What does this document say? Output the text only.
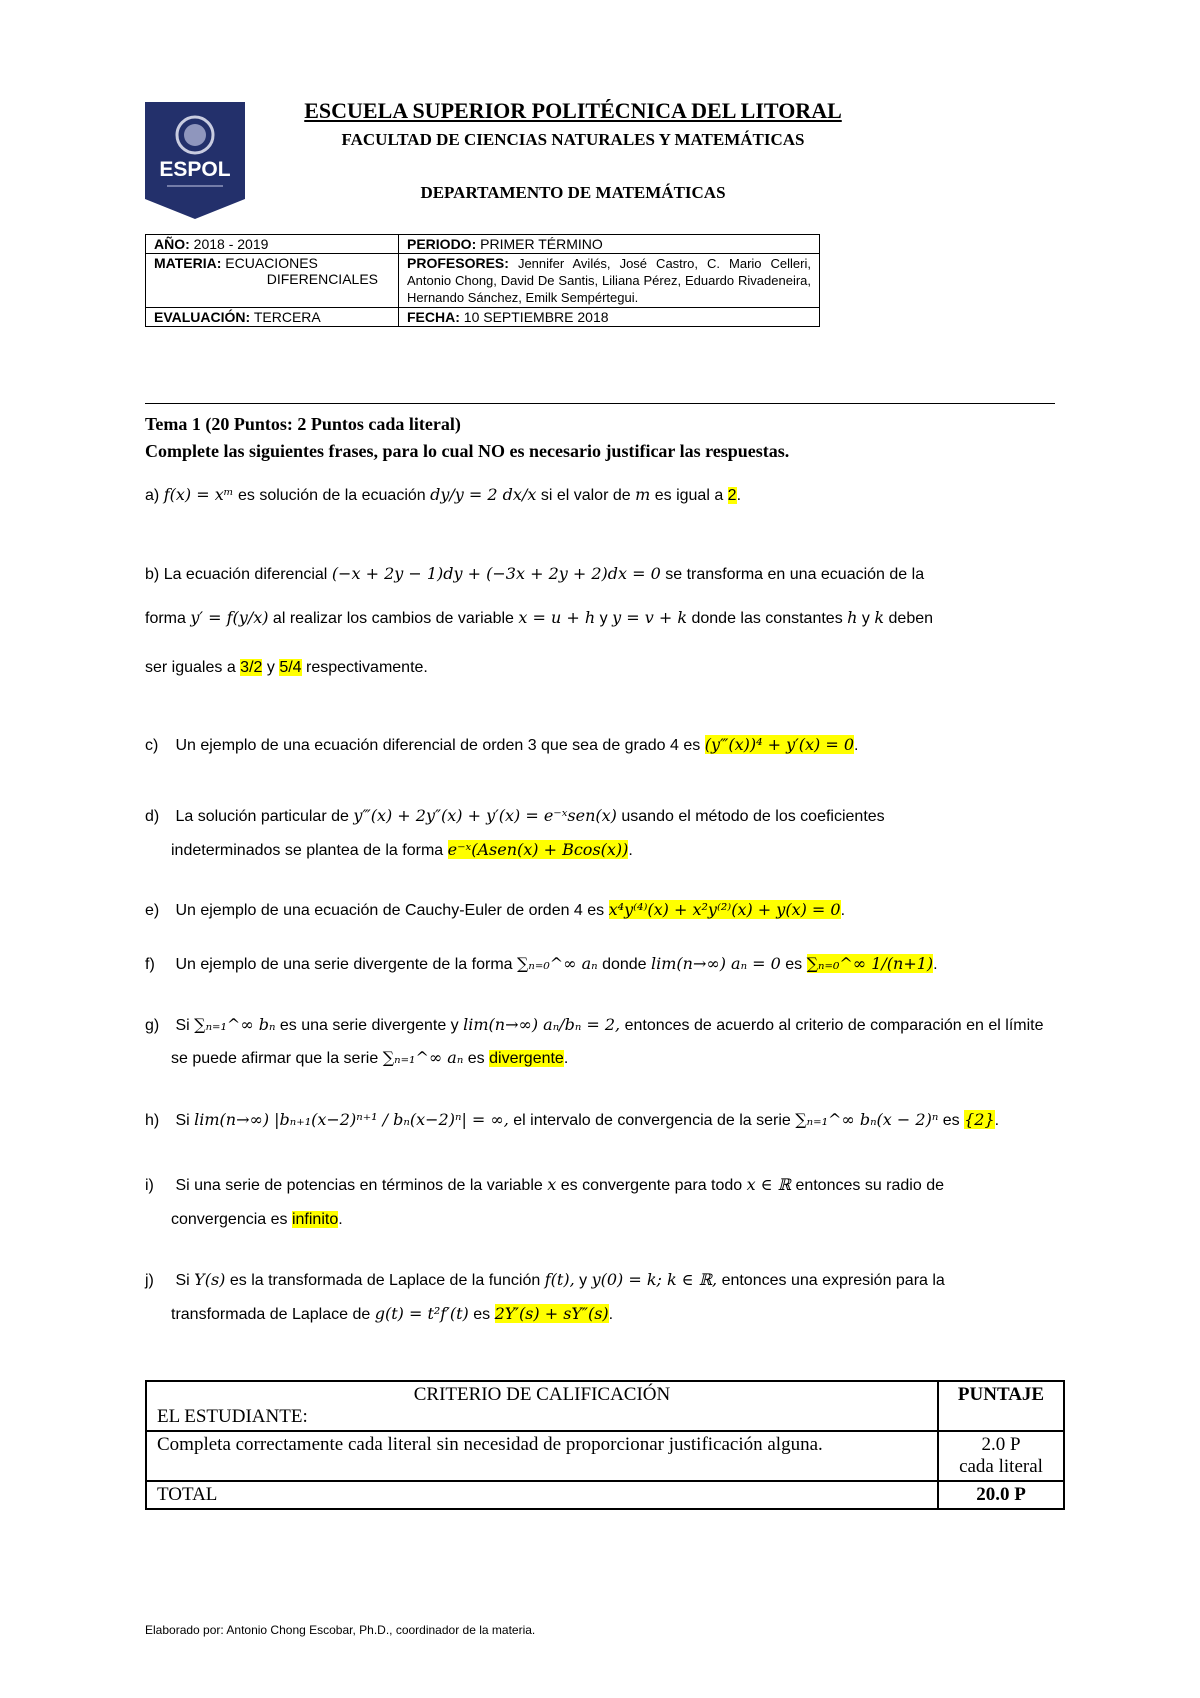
ESPOL
ESCUELA SUPERIOR POLITÉCNICA DEL LITORAL
FACULTAD DE CIENCIAS NATURALES Y MATEMÁTICAS
DEPARTAMENTO DE MATEMÁTICAS
AÑO: 2018 - 2019	PERIODO: PRIMER TÉRMINO
MATERIA: ECUACIONES

DIFERENCIALES	PROFESORES: Jennifer Avilés, José Castro, C. Mario Celleri, Antonio Chong, David De Santis, Liliana Pérez, Eduardo Rivadeneira, Hernando Sánchez, Emilk Sempértegui.
EVALUACIÓN: TERCERA	FECHA: 10 SEPTIEMBRE 2018
Tema 1 (20 Puntos: 2 Puntos cada literal)
Complete las siguientes frases, para lo cual NO es necesario justificar las respuestas.
a) f(x) = xᵐ es solución de la ecuación dy/y = 2 dx/x si el valor de m es igual a 2.
b) La ecuación diferencial (−x + 2y − 1)dy + (−3x + 2y + 2)dx = 0 se transforma en una ecuación de la
forma y′ = f(y/x) al realizar los cambios de variable x = u + h y y = v + k donde las constantes h y k deben
ser iguales a 3/2 y 5/4 respectivamente.
c) Un ejemplo de una ecuación diferencial de orden 3 que sea de grado 4 es (y‴(x))⁴ + y′(x) = 0.
d) La solución particular de y‴(x) + 2y″(x) + y′(x) = e⁻ˣsen(x) usando el método de los coeficientes
indeterminados se plantea de la forma e⁻ˣ(Asen(x) + Bcos(x)).
e) Un ejemplo de una ecuación de Cauchy-Euler de orden 4 es x⁴y⁽⁴⁾(x) + x²y⁽²⁾(x) + y(x) = 0.
f) Un ejemplo de una serie divergente de la forma ∑ₙ₌₀^∞ aₙ donde lim(n→∞) aₙ = 0 es ∑ₙ₌₀^∞ 1/(n+1).
g) Si ∑ₙ₌₁^∞ bₙ es una serie divergente y lim(n→∞) aₙ/bₙ = 2, entonces de acuerdo al criterio de comparación en el límite
se puede afirmar que la serie ∑ₙ₌₁^∞ aₙ es divergente.
h) Si lim(n→∞) |bₙ₊₁(x−2)ⁿ⁺¹ / bₙ(x−2)ⁿ| = ∞, el intervalo de convergencia de la serie ∑ₙ₌₁^∞ bₙ(x − 2)ⁿ es {2}.
i) Si una serie de potencias en términos de la variable x es convergente para todo x ∈ ℝ entonces su radio de
convergencia es infinito.
j) Si Y(s) es la transformada de Laplace de la función f(t), y y(0) = k; k ∈ ℝ, entonces una expresión para la
transformada de Laplace de g(t) = t²f′(t) es 2Y′(s) + sY″(s).
CRITERIO DE CALIFICACIÓN
EL ESTUDIANTE:	PUNTAJE
Completa correctamente cada literal sin necesidad de proporcionar justificación alguna.	2.0 P
cada literal

TOTAL	20.0 P
Elaborado por: Antonio Chong Escobar, Ph.D., coordinador de la materia.
